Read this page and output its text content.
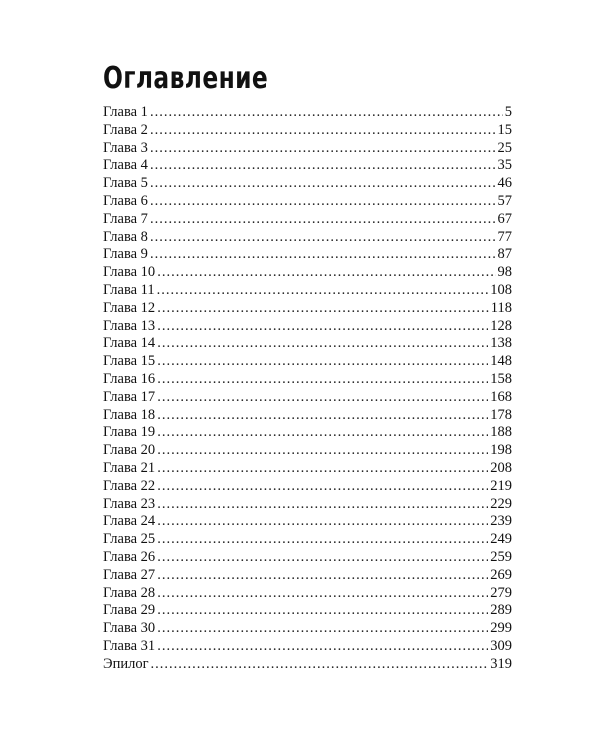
Оглавление
Глава 1 .....	5
Глава 2 .....	15
Глава 3 .....	25
Глава 4 .....	35
Глава 5 .....	46
Глава 6 .....	57
Глава 7 .....	67
Глава 8 .....	77
Глава 9 .....	87
Глава 10 .....	98
Глава 11 .....	108
Глава 12 .....	118
Глава 13 .....	128
Глава 14 .....	138
Глава 15 .....	148
Глава 16 .....	158
Глава 17 .....	168
Глава 18 .....	178
Глава 19 .....	188
Глава 20 .....	198
Глава 21 .....	208
Глава 22 .....	219
Глава 23 .....	229
Глава 24 .....	239
Глава 25 .....	249
Глава 26 .....	259
Глава 27 .....	269
Глава 28 .....	279
Глава 29 .....	289
Глава 30 .....	299
Глава 31 .....	309
Эпилог .....	319
